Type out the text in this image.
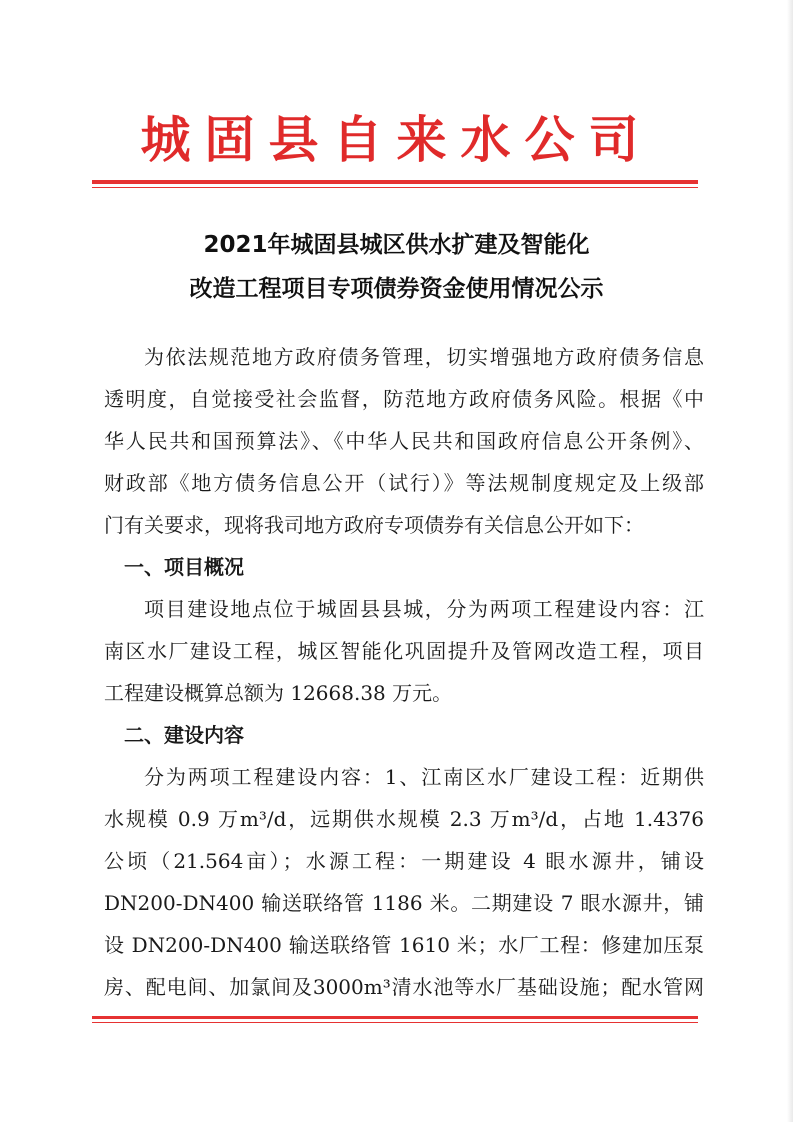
城固县自来水公司
2021年城固县城区供水扩建及智能化
改造工程项目专项债券资金使用情况公示
为依法规范地方政府债务管理，切实增强地方政府债务信息
透明度，自觉接受社会监督，防范地方政府债务风险。根据《中
华人民共和国预算法》、《中华人民共和国政府信息公开条例》、
财政部《地方债务信息公开（试行）》等法规制度规定及上级部
门有关要求，现将我司地方政府专项债券有关信息公开如下：
一、项目概况
项目建设地点位于城固县县城，分为两项工程建设内容：江
南区水厂建设工程，城区智能化巩固提升及管网改造工程，项目
工程建设概算总额为 12668.38 万元。
二、建设内容
分为两项工程建设内容：1、江南区水厂建设工程：近期供
水规模 0.9 万m³/d，远期供水规模 2.3 万m³/d，占地 1.4376
公顷（21.564亩）；水源工程：一期建设 4 眼水源井，铺设
DN200-DN400 输送联络管 1186 米。二期建设 7 眼水源井，铺
设 DN200-DN400 输送联络管 1610 米；水厂工程：修建加压泵
房、配电间、加氯间及3000m³清水池等水厂基础设施；配水管网
